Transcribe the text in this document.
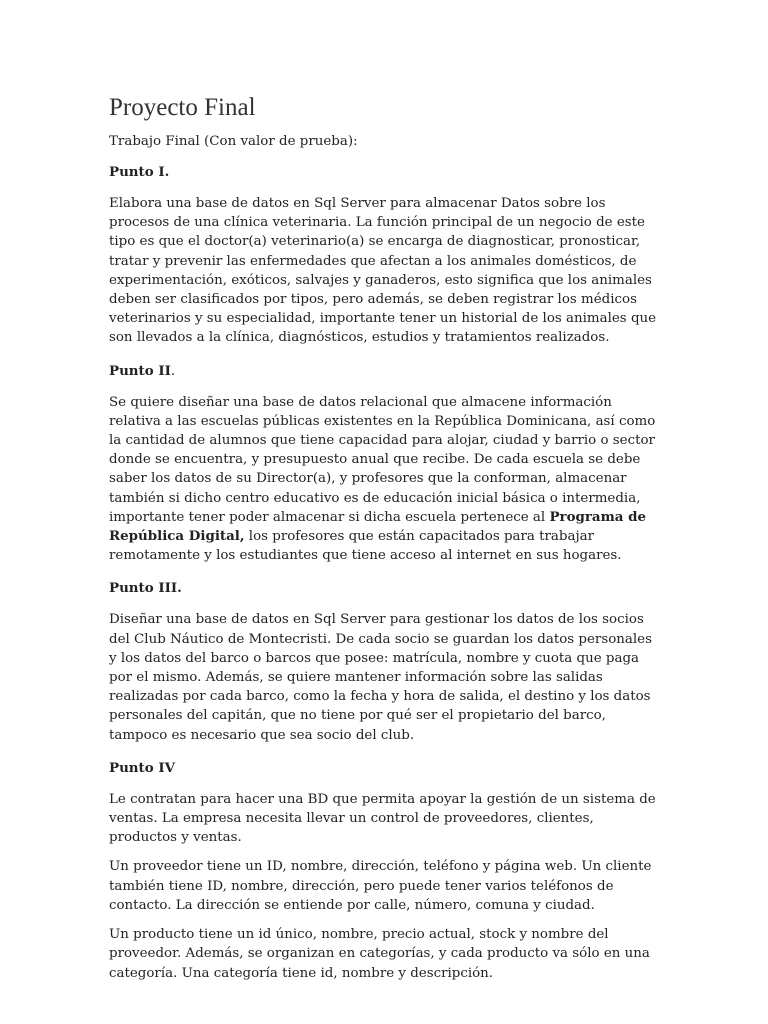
Proyecto Final
Trabajo Final (Con valor de prueba):
Punto I.

Elabora una base de datos en Sql Server para almacenar Datos sobre los procesos de una clínica veterinaria. La función principal de un negocio de este tipo es que el doctor(a) veterinario(a) se encarga de diagnosticar, pronosticar, tratar y prevenir las enfermedades que afectan a los animales domésticos, de experimentación, exóticos, salvajes y ganaderos, esto significa que los animales deben ser clasificados por tipos, pero además, se deben registrar los médicos veterinarios y su especialidad, importante tener un historial de los animales que son llevados a la clínica, diagnósticos, estudios y tratamientos realizados.

Punto II.

Se quiere diseñar una base de datos relacional que almacene información relativa a las escuelas públicas existentes en la República Dominicana, así como la cantidad de alumnos que tiene capacidad para alojar, ciudad y barrio o sector donde se encuentra, y presupuesto anual que recibe. De cada escuela se debe saber los datos de su Director(a), y profesores que la conforman, almacenar también si dicho centro educativo es de educación inicial básica o intermedia, importante tener poder almacenar si dicha escuela pertenece al Programa de República Digital, los profesores que están capacitados para trabajar remotamente y los estudiantes que tiene acceso al internet en sus hogares.

Punto III.

Diseñar una base de datos en Sql Server para gestionar los datos de los socios del Club Náutico de Montecristi. De cada socio se guardan los datos personales y los datos del barco o barcos que posee: matrícula, nombre y cuota que paga por el mismo. Además, se quiere mantener información sobre las salidas realizadas por cada barco, como la fecha y hora de salida, el destino y los datos personales del capitán, que no tiene por qué ser el propietario del barco, tampoco es necesario que sea socio del club.

Punto IV

Le contratan para hacer una BD que permita apoyar la gestión de un sistema de ventas. La empresa necesita llevar un control de proveedores, clientes, productos y ventas.

Un proveedor tiene un ID, nombre, dirección, teléfono y página web. Un cliente también tiene ID, nombre, dirección, pero puede tener varios teléfonos de contacto. La dirección se entiende por calle, número, comuna y ciudad.

Un producto tiene un id único, nombre, precio actual, stock y nombre del proveedor. Además, se organizan en categorías, y cada producto va sólo en una categoría. Una categoría tiene id, nombre y descripción.
